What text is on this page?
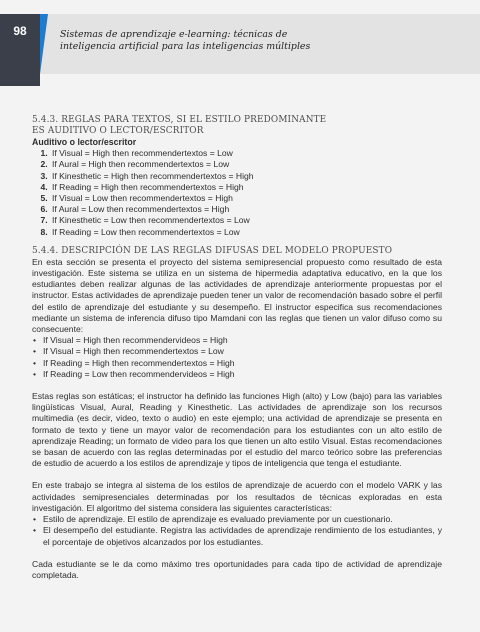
98	Sistemas de aprendizaje e-learning: técnicas de
inteligencia artificial para las inteligencias múltiples
5.4.3. REGLAS PARA TEXTOS, SI EL ESTILO PREDOMINANTE
ES AUDITIVO O LECTOR/ESCRITOR
Auditivo o lector/escritor
1. If Visual = High then recommendertextos = Low
2. If Aural = High then recommendertextos = Low
3. If Kinesthetic = High then recommendertextos = High
4. If Reading = High then recommendertextos = High
5. If Visual = Low then recommendertextos = High
6. If Aural = Low then recommendertextos = High
7. If Kinesthetic = Low then recommendertextos = Low
8. If Reading = Low then recommendertextos = Low
5.4.4. DESCRIPCIÓN DE LAS REGLAS DIFUSAS DEL MODELO PROPUESTO

En esta sección se presenta el proyecto del sistema semipresencial propuesto como resultado de esta investigación. Este sistema se utiliza en un sistema de hipermedia adaptativa educativo, en la que los estudiantes deben realizar algunas de las actividades de aprendizaje anteriormente propuestas por el instructor. Estas actividades de aprendizaje pueden tener un valor de recomendación basado sobre el perfil del estilo de aprendizaje del estudiante y su desempeño. El instructor especifica sus recomendaciones mediante un sistema de inferencia difuso tipo Mamdani con las reglas que tienen un valor difuso como su consecuente:

• If Visual = High then recommendervideos = High
• If Visual = High then recommendertextos = Low
• If Reading = High then recommendertextos = High
• If Reading = Low then recommendervideos = High

Estas reglas son estáticas; el instructor ha definido las funciones High (alto) y Low (bajo) para las variables lingüísticas Visual, Aural, Reading y Kinesthetic. Las actividades de aprendizaje son los recursos multimedia (es decir, video, texto o audio) en este ejemplo; una actividad de aprendizaje se presenta en formato de texto y tiene un mayor valor de recomendación para los estudiantes con un alto estilo de aprendizaje Reading; un formato de video para los que tienen un alto estilo Visual. Estas recomendaciones se basan de acuerdo con las reglas determinadas por el estudio del marco teórico sobre las preferencias de estudio de acuerdo a los estilos de aprendizaje y tipos de inteligencia que tenga el estudiante.

En este trabajo se integra al sistema de los estilos de aprendizaje de acuerdo con el modelo VARK y las actividades semipresenciales determinadas por los resultados de técnicas exploradas en esta investigación. El algoritmo del sistema considera las siguientes características:

• Estilo de aprendizaje. El estilo de aprendizaje es evaluado previamente por un cuestionario.
• El desempeño del estudiante. Registra las actividades de aprendizaje rendimiento de los estudiantes, y el porcentaje de objetivos alcanzados por los estudiantes.

Cada estudiante se le da como máximo tres oportunidades para cada tipo de actividad de aprendizaje completada.
